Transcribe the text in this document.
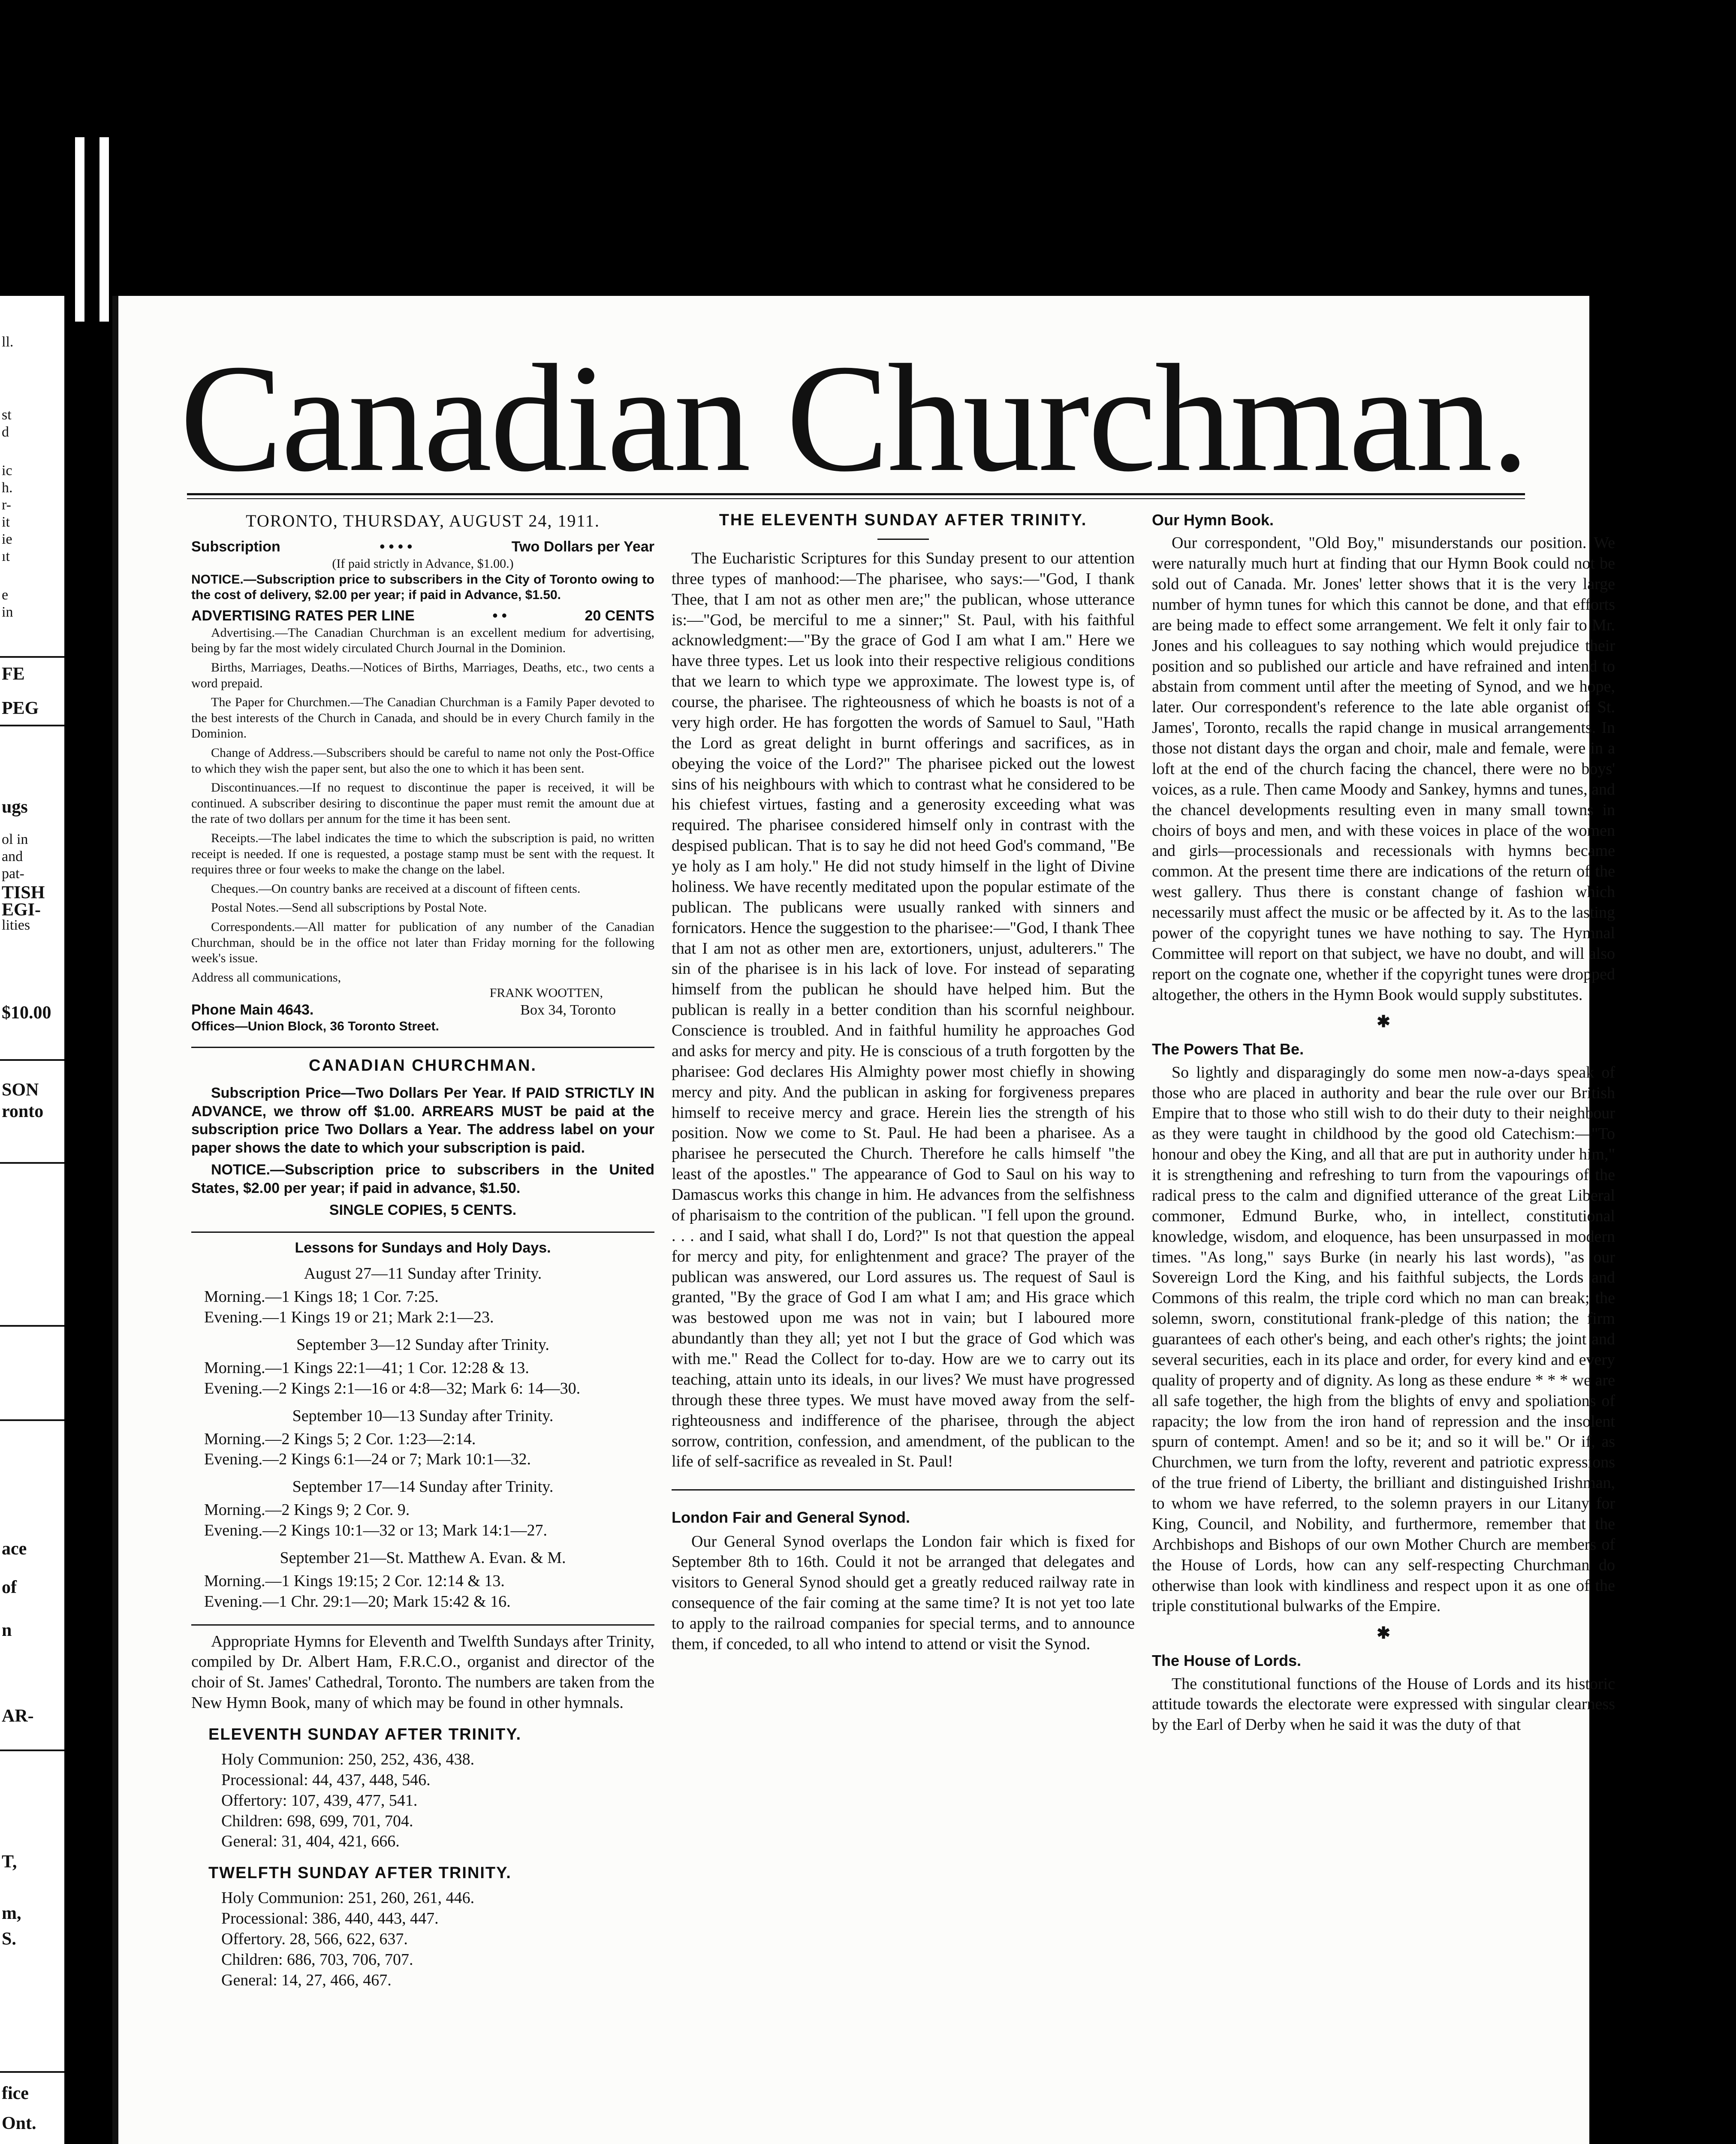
ll.
st
d
ic
h.
r-
it
ie
ıt
e
in
FE
PEG
ugs
ol in
and
pat-
TISH
EGI-
lities
$10.00
SON
ronto
ace
of
n
AR-
T,
m,
S.
fice
Ont.
Canadian Churchman.
TORONTO, THURSDAY, AUGUST 24, 1911.
Subscription	• • • •	Two Dollars per Year
(If paid strictly in Advance, $1.00.)

NOTICE.—Subscription price to subscribers in the City of Toronto owing to the cost of delivery, $2.00 per year; if paid in Advance, $1.50.

ADVERTISING RATES PER LINE	• •	20 CENTS

Advertising.—The Canadian Churchman is an excellent medium for advertising, being by far the most widely circulated Church Journal in the Dominion.

Births, Marriages, Deaths.—Notices of Births, Marriages, Deaths, etc., two cents a word prepaid.

The Paper for Churchmen.—The Canadian Churchman is a Family Paper devoted to the best interests of the Church in Canada, and should be in every Church family in the Dominion.

Change of Address.—Subscribers should be careful to name not only the Post-Office to which they wish the paper sent, but also the one to which it has been sent.

Discontinuances.—If no request to discontinue the paper is received, it will be continued. A subscriber desiring to discontinue the paper must remit the amount due at the rate of two dollars per annum for the time it has been sent.

Receipts.—The label indicates the time to which the subscription is paid, no written receipt is needed. If one is requested, a postage stamp must be sent with the request. It requires three or four weeks to make the change on the label.

Cheques.—On country banks are received at a discount of fifteen cents.

Postal Notes.—Send all subscriptions by Postal Note.

Correspondents.—All matter for publication of any number of the Canadian Churchman, should be in the office not later than Friday morning for the following week's issue.

Address all communications,
FRANK WOOTTEN,
Phone Main 4643.	Box 34, Toronto
Offices—Union Block, 36 Toronto Street.
CANADIAN CHURCHMAN.

Subscription Price—Two Dollars Per Year. If PAID STRICTLY IN ADVANCE, we throw off $1.00. ARREARS MUST be paid at the subscription price Two Dollars a Year. The address label on your paper shows the date to which your subscription is paid.

NOTICE.—Subscription price to subscribers in the United States, $2.00 per year; if paid in advance, $1.50.

SINGLE COPIES, 5 CENTS.
Lessons for Sundays and Holy Days.
August 27—11 Sunday after Trinity.
Morning.—1 Kings 18; 1 Cor. 7:25.
Evening.—1 Kings 19 or 21; Mark 2:1—23.
September 3—12 Sunday after Trinity.
Morning.—1 Kings 22:1—41; 1 Cor. 12:28 & 13.
Evening.—2 Kings 2:1—16 or 4:8—32; Mark 6: 14—30.
September 10—13 Sunday after Trinity.
Morning.—2 Kings 5; 2 Cor. 1:23—2:14.
Evening.—2 Kings 6:1—24 or 7; Mark 10:1—32.
September 17—14 Sunday after Trinity.
Morning.—2 Kings 9; 2 Cor. 9.
Evening.—2 Kings 10:1—32 or 13; Mark 14:1—27.
September 21—St. Matthew A. Evan. & M.
Morning.—1 Kings 19:15; 2 Cor. 12:14 & 13.
Evening.—1 Chr. 29:1—20; Mark 15:42 & 16.

Appropriate Hymns for Eleventh and Twelfth Sundays after Trinity, compiled by Dr. Albert Ham, F.R.C.O., organist and director of the choir of St. James' Cathedral, Toronto. The numbers are taken from the New Hymn Book, many of which may be found in other hymnals.

ELEVENTH SUNDAY AFTER TRINITY.
Holy Communion: 250, 252, 436, 438.
Processional: 44, 437, 448, 546.
Offertory: 107, 439, 477, 541.
Children: 698, 699, 701, 704.
General: 31, 404, 421, 666.
TWELFTH SUNDAY AFTER TRINITY.
Holy Communion: 251, 260, 261, 446.
Processional: 386, 440, 443, 447.
Offertory. 28, 566, 622, 637.
Children: 686, 703, 706, 707.
General: 14, 27, 466, 467.
THE ELEVENTH SUNDAY AFTER TRINITY.

The Eucharistic Scriptures for this Sunday present to our attention three types of manhood:—The pharisee, who says:—"God, I thank Thee, that I am not as other men are;" the publican, whose utterance is:—"God, be merciful to me a sinner;" St. Paul, with his faithful acknowledgment:—"By the grace of God I am what I am." Here we have three types. Let us look into their respective religious conditions that we learn to which type we approximate. The lowest type is, of course, the pharisee. The righteousness of which he boasts is not of a very high order. He has forgotten the words of Samuel to Saul, "Hath the Lord as great delight in burnt offerings and sacrifices, as in obeying the voice of the Lord?" The pharisee picked out the lowest sins of his neighbours with which to contrast what he considered to be his chiefest virtues, fasting and a generosity exceeding what was required. The pharisee considered himself only in contrast with the despised publican. That is to say he did not heed God's command, "Be ye holy as I am holy." He did not study himself in the light of Divine holiness. We have recently meditated upon the popular estimate of the publican. The publicans were usually ranked with sinners and fornicators. Hence the suggestion to the pharisee:—"God, I thank Thee that I am not as other men are, extortioners, unjust, adulterers." The sin of the pharisee is in his lack of love. For instead of separating himself from the publican he should have helped him. But the publican is really in a better condition than his scornful neighbour. Conscience is troubled. And in faithful humility he approaches God and asks for mercy and pity. He is conscious of a truth forgotten by the pharisee: God declares His Almighty power most chiefly in showing mercy and pity. And the publican in asking for forgiveness prepares himself to receive mercy and grace. Herein lies the strength of his position. Now we come to St. Paul. He had been a pharisee. As a pharisee he persecuted the Church. Therefore he calls himself "the least of the apostles." The appearance of God to Saul on his way to Damascus works this change in him. He advances from the selfishness of pharisaism to the contrition of the publican. "I fell upon the ground. . . . and I said, what shall I do, Lord?" Is not that question the appeal for mercy and pity, for enlightenment and grace? The prayer of the publican was answered, our Lord assures us. The request of Saul is granted, "By the grace of God I am what I am; and His grace which was bestowed upon me was not in vain; but I laboured more abundantly than they all; yet not I but the grace of God which was with me." Read the Collect for to-day. How are we to carry out its teaching, attain unto its ideals, in our lives? We must have progressed through these three types. We must have moved away from the self-righteousness and indifference of the pharisee, through the abject sorrow, contrition, confession, and amendment, of the publican to the life of self-sacrifice as revealed in St. Paul!

London Fair and General Synod.

Our General Synod overlaps the London fair which is fixed for September 8th to 16th. Could it not be arranged that delegates and visitors to General Synod should get a greatly reduced railway rate in consequence of the fair coming at the same time? It is not yet too late to apply to the railroad companies for special terms, and to announce them, if conceded, to all who intend to attend or visit the Synod.

Our Hymn Book.

Our correspondent, "Old Boy," misunderstands our position. We were naturally much hurt at finding that our Hymn Book could not be sold out of Canada. Mr. Jones' letter shows that it is the very large number of hymn tunes for which this cannot be done, and that efforts are being made to effect some arrangement. We felt it only fair to Mr. Jones and his colleagues to say nothing which would prejudice their position and so published our article and have refrained and intend to abstain from comment until after the meeting of Synod, and we hope, later. Our correspondent's reference to the late able organist of St. James', Toronto, recalls the rapid change in musical arrangements. In those not distant days the organ and choir, male and female, were in a loft at the end of the church facing the chancel, there were no boys' voices, as a rule. Then came Moody and Sankey, hymns and tunes, and the chancel developments resulting even in many small towns in choirs of boys and men, and with these voices in place of the women and girls—processionals and recessionals with hymns became common. At the present time there are indications of the return of the west gallery. Thus there is constant change of fashion which necessarily must affect the music or be affected by it. As to the lasting power of the copyright tunes we have nothing to say. The Hymnal Committee will report on that subject, we have no doubt, and will also report on the cognate one, whether if the copyright tunes were dropped altogether, the others in the Hymn Book would supply substitutes.

✱
The Powers That Be.

So lightly and disparagingly do some men now-a-days speak of those who are placed in authority and bear the rule over our British Empire that to those who still wish to do their duty to their neighbour as they were taught in childhood by the good old Catechism:—"To honour and obey the King, and all that are put in authority under him," it is strengthening and refreshing to turn from the vapourings of the radical press to the calm and dignified utterance of the great Liberal commoner, Edmund Burke, who, in intellect, constitutional knowledge, wisdom, and eloquence, has been unsurpassed in modern times. "As long," says Burke (in nearly his last words), "as our Sovereign Lord the King, and his faithful subjects, the Lords and Commons of this realm, the triple cord which no man can break; the solemn, sworn, constitutional frank-pledge of this nation; the firm guarantees of each other's being, and each other's rights; the joint and several securities, each in its place and order, for every kind and every quality of property and of dignity. As long as these endure * * * we are all safe together, the high from the blights of envy and spoliations of rapacity; the low from the iron hand of repression and the insolent spurn of contempt. Amen! and so be it; and so it will be." Or if, as Churchmen, we turn from the lofty, reverent and patriotic expressions of the true friend of Liberty, the brilliant and distinguished Irishman, to whom we have referred, to the solemn prayers in our Litany for King, Council, and Nobility, and furthermore, remember that the Archbishops and Bishops of our own Mother Church are members of the House of Lords, how can any self-respecting Churchman do otherwise than look with kindliness and respect upon it as one of the triple constitutional bulwarks of the Empire.

✱
The House of Lords.

The constitutional functions of the House of Lords and its historic attitude towards the electorate were expressed with singular clearness by the Earl of Derby when he said it was the duty of that
